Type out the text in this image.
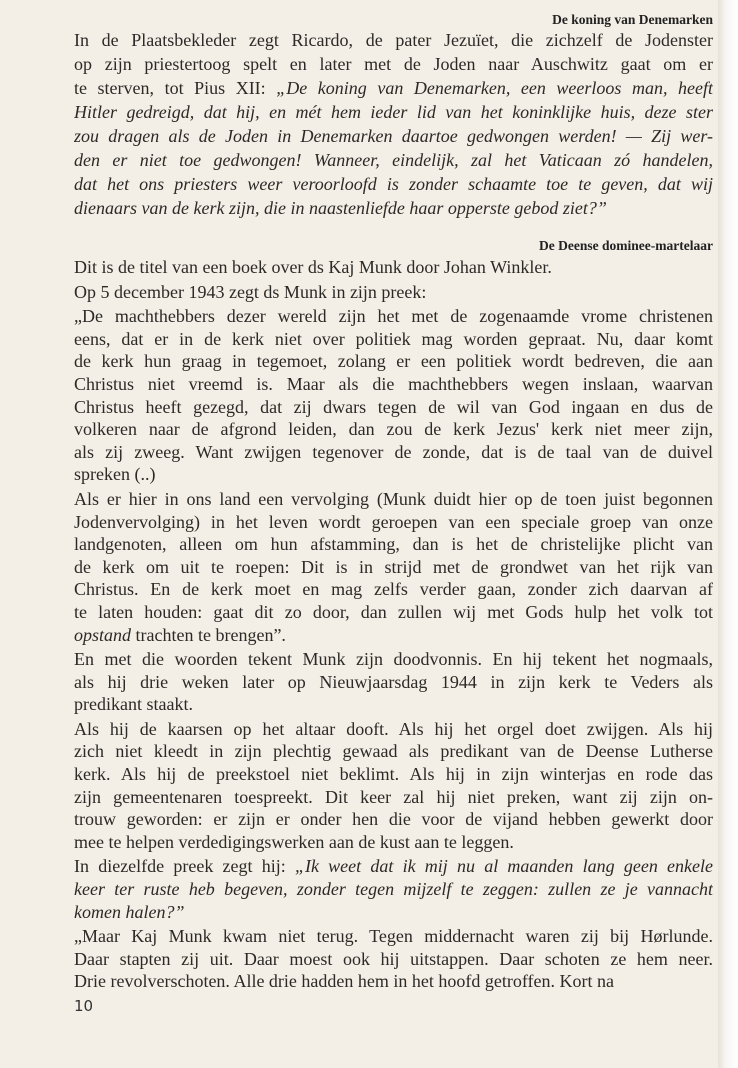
De koning van Denemarken
In de Plaatsbekleder zegt Ricardo, de pater Jezuïet, die zichzelf de Jodenster
op zijn priestertoog spelt en later met de Joden naar Auschwitz gaat om er
te sterven, tot Pius XII: „De koning van Denemarken, een weerloos man, heeft
Hitler gedreigd, dat hij, en mét hem ieder lid van het koninklijke huis, deze ster
zou dragen als de Joden in Denemarken daartoe gedwongen werden! — Zij wer-
den er niet toe gedwongen! Wanneer, eindelijk, zal het Vaticaan zó handelen,
dat het ons priesters weer veroorloofd is zonder schaamte toe te geven, dat wij
dienaars van de kerk zijn, die in naastenliefde haar opperste gebod ziet?”
De Deense dominee-martelaar
Dit is de titel van een boek over ds Kaj Munk door Johan Winkler.
Op 5 december 1943 zegt ds Munk in zijn preek:
„De machthebbers dezer wereld zijn het met de zogenaamde vrome christenen
eens, dat er in de kerk niet over politiek mag worden gepraat. Nu, daar komt
de kerk hun graag in tegemoet, zolang er een politiek wordt bedreven, die aan
Christus niet vreemd is. Maar als die machthebbers wegen inslaan, waarvan
Christus heeft gezegd, dat zij dwars tegen de wil van God ingaan en dus de
volkeren naar de afgrond leiden, dan zou de kerk Jezus' kerk niet meer zijn,
als zij zweeg. Want zwijgen tegenover de zonde, dat is de taal van de duivel
spreken (..)
Als er hier in ons land een vervolging (Munk duidt hier op de toen juist begonnen
Jodenvervolging) in het leven wordt geroepen van een speciale groep van onze
landgenoten, alleen om hun afstamming, dan is het de christelijke plicht van
de kerk om uit te roepen: Dit is in strijd met de grondwet van het rijk van
Christus. En de kerk moet en mag zelfs verder gaan, zonder zich daarvan af
te laten houden: gaat dit zo door, dan zullen wij met Gods hulp het volk tot
opstand trachten te brengen”.
En met die woorden tekent Munk zijn doodvonnis. En hij tekent het nogmaals,
als hij drie weken later op Nieuwjaarsdag 1944 in zijn kerk te Veders als
predikant staakt.
Als hij de kaarsen op het altaar dooft. Als hij het orgel doet zwijgen. Als hij
zich niet kleedt in zijn plechtig gewaad als predikant van de Deense Lutherse
kerk. Als hij de preekstoel niet beklimt. Als hij in zijn winterjas en rode das
zijn gemeentenaren toespreekt. Dit keer zal hij niet preken, want zij zijn on-
trouw geworden: er zijn er onder hen die voor de vijand hebben gewerkt door
mee te helpen verdedigingswerken aan de kust aan te leggen.
In diezelfde preek zegt hij: „Ik weet dat ik mij nu al maanden lang geen enkele
keer ter ruste heb begeven, zonder tegen mijzelf te zeggen: zullen ze je vannacht
komen halen?”
„Maar Kaj Munk kwam niet terug. Tegen middernacht waren zij bij Hørlunde.
Daar stapten zij uit. Daar moest ook hij uitstappen. Daar schoten ze hem neer.
Drie revolverschoten. Alle drie hadden hem in het hoofd getroffen. Kort na
10
